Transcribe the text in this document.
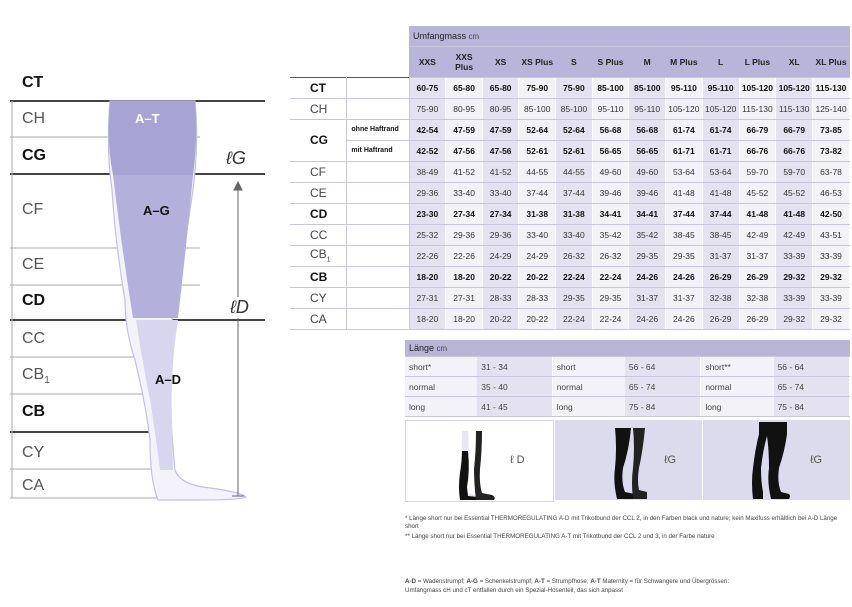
CT
CH
CG
CF
CE
CD
CC
$CB_1$
CB
CY
CA
A–T
A–G
A–D
ℓG
ℓD
		Umfangmass cm											
		XXS	XXS Plus	XS	XS Plus	S	S Plus	M	M Plus	L	L Plus	XL	XL Plus
CT		60-75	65-80	65-80	75-90	75-90	85-100	85-100	95-110	95-110	105-120	105-120	115-130
CH		75-90	80-95	80-95	85-100	85-100	95-110	95-110	105-120	105-120	115-130	115-130	125-140
CG	ohne Haftrand	42-54	47-59	47-59	52-64	52-64	56-68	56-68	61-74	61-74	66-79	66-79	73-85
	mit Haftrand	42-52	47-56	47-56	52-61	52-61	56-65	56-65	61-71	61-71	66-76	66-76	73-82
CF		38-49	41-52	41-52	44-55	44-55	49-60	49-60	53-64	53-64	59-70	59-70	63-78
CE		29-36	33-40	33-40	37-44	37-44	39-46	39-46	41-48	41-48	45-52	45-52	46-53
CD		23-30	27-34	27-34	31-38	31-38	34-41	34-41	37-44	37-44	41-48	41-48	42-50
CC		25-32	29-36	29-36	33-40	33-40	35-42	35-42	38-45	38-45	42-49	42-49	43-51
$CB_1$		22-26	22-26	24-29	24-29	26-32	26-32	29-35	29-35	31-37	31-37	33-39	33-39
CB		18-20	18-20	20-22	20-22	22-24	22-24	24-26	24-26	26-29	26-29	29-32	29-32
CY		27-31	27-31	28-33	28-33	29-35	29-35	31-37	31-37	32-38	32-38	33-39	33-39
CA		18-20	18-20	20-22	20-22	22-24	22-24	24-26	24-26	26-29	26-29	29-32	29-32
Länge cm					
short*	31 - 34	short	56 - 64	short**	56 - 64
normal	35 - 40	normal	65 - 74	normal	65 - 74
long	41 - 45	long	75 - 84	long	75 - 84
ℓ D	ℓG	ℓG
* Länge short nur bei Essential THERMOREGULATING A-D mit Trikotbund der CCL 2, in den Farben black und nature; kein Maxifuss erhältlich bei A-D Länge short
** Länge short nur bei Essential THERMOREGULATING A-T mit Trikotbund der CCL 2 und 3, in der Farbe nature
A-D = Wadenstrumpf; A-G = Schenkelstrumpf; A-T = Strumpfhose; A-T Maternity = für Schwangere und Übergrössen:
Umfangmass cH und cT entfallen durch ein Spezial-Hosenteil, das sich anpasst
